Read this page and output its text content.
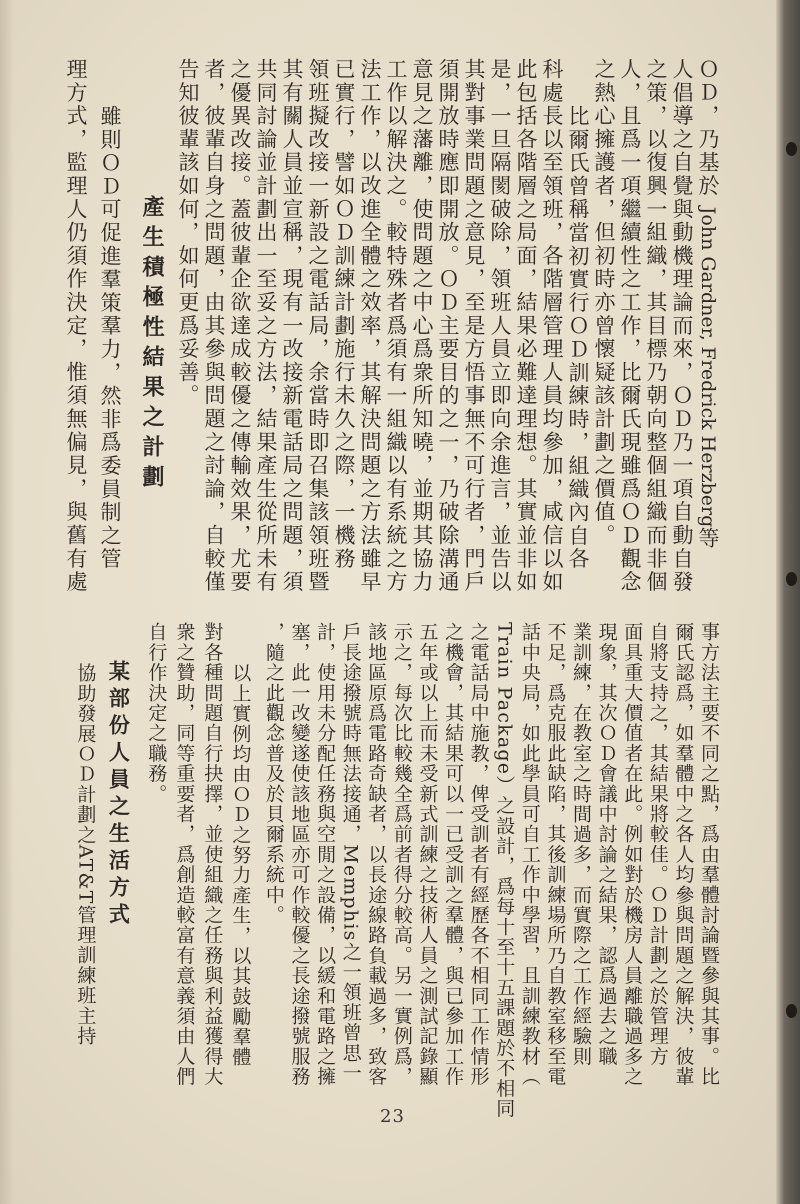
ＯＤ，乃基於 John Gardner, Fredrick Herzberg等
人倡導之自覺與動機理論而來，ＯＤ乃一項自動自發
之策，以復興一組織，其目標乃朝向整個組織而非個
人，且爲一項繼續性之工作，比爾氏現雖爲ＯＤ觀念
之熱心擁護者，但初時亦曾懷疑該計劃之價值。
比爾氏曾稱當初實行ＯＤ訓練時，組織內自各
科處長以至領班，各階層管理人員均參加，咸信以如
此包括各階層之局面，結果必難達理想。其實並非如
是，一旦隔閡破除，領班人員立即向余進言，並告以
其對事業問題之意見，至是方悟事無不可行者，門戶
須開放時應即開放。ＯＤ主要目的之一，乃破除溝通
意見之藩離，使問題之中心爲衆所知曉，並期其協力
工作以解決之。較特殊者爲須有一組織以有系統之方
法工作，以改進全體之效率，其解決問題之方法雖早
已實行，譬如ＯＤ訓練計劃施行未久之際，一機務
領班擬改接一新設之電話局，余當時即召集該領班暨
其有關人員並宣稱，現有一改接新電話局之問題，須
共同討論並計劃出一至妥之方法，結果產生從所未有
之優異改接。蓋彼輩企欲達成較優之傳輸效果，尤要
者，彼輩自身之問題，由其參與問題之討論，自較僅
告知彼輩該如何，如何更爲妥善。
產生積極性結果之計劃
雖則ＯＤ可促進羣策羣力，然非爲委員制之管
理方式，監理人仍須作決定，惟須無偏見，與舊有處
事方法主要不同之點，爲由羣體討論暨參與其事。比
爾氏認爲，如羣體中之各人均參與問題之解決，彼輩
自將支持之，其結果將較佳。ＯＤ計劃之於管理方
面具重大價值者在此。例如對於機房人員離職過多之
現象，其次ＯＤ會議中討論之結果，認爲過去之職
業訓練，在教室之時間過多，而實際之工作經驗則
不足，爲克服此缺陷，其後訓練場所乃自教室移至電
話中央局，如此學員可自工作中學習，且訓練教材（
Train Package）之設計，爲每十至十五課題於不相同
之電話局中施教，俾受訓者有經歷各不相同工作情形
之機會，其結果可以一已受訓之羣體，與已參加工作
五年或以上而未受新式訓練之技術人員之測試記錄顯
示之，每次比較幾全爲前者得分較高。另一實例爲，
該地區原爲電路奇缺者，以長途線路負載過多，致客
戶長途撥號時無法接通，Memphis之一領班曾思一
計，使用未分配任務與空閒之設備，以緩和電路之擁
塞，此一改變遂使該地區亦可作較優之長途撥號服務
，隨之此觀念普及於貝爾系統中。
以上實例均由ＯＤ之努力產生，以其鼓勵羣體
對各種問題自行抉擇，並使組織之任務與利益獲得大
衆之贊助，同等重要者，爲創造較富有意義須由人們
自行作決定之職務。
某部份人員之生活方式
協助發展ＯＤ計劃之AT&T管理訓練班主持
23
